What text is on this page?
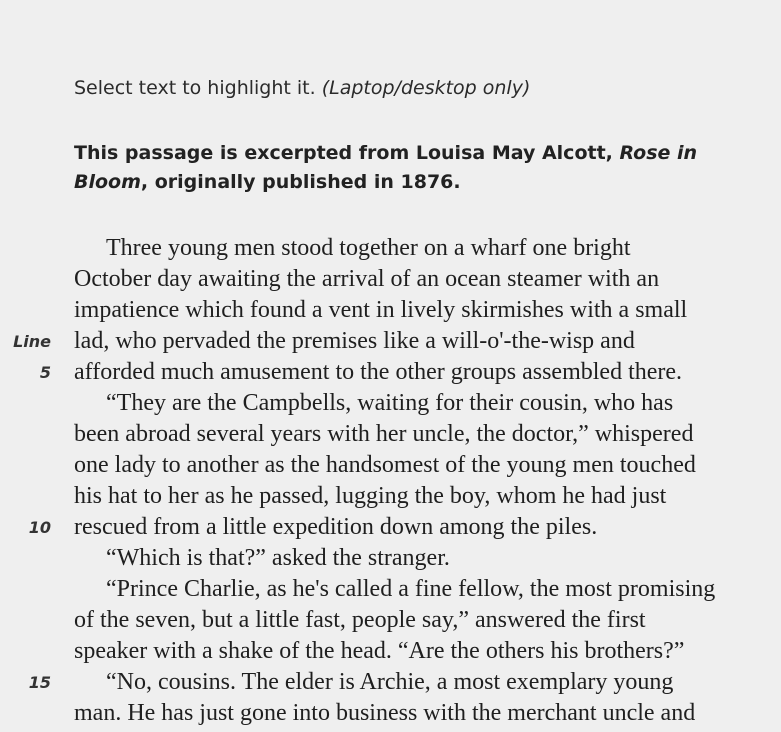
Select text to highlight it. (Laptop/desktop only)
This passage is excerpted from Louisa May Alcott, Rose in Bloom, originally published in 1876.
Three young men stood together on a wharf one bright
October day awaiting the arrival of an ocean steamer with an
impatience which found a vent in lively skirmishes with a small
Line lad, who pervaded the premises like a will-o'-the-wisp and
5 afforded much amusement to the other groups assembled there.
“They are the Campbells, waiting for their cousin, who has
been abroad several years with her uncle, the doctor,” whispered
one lady to another as the handsomest of the young men touched
his hat to her as he passed, lugging the boy, whom he had just
10 rescued from a little expedition down among the piles.
“Which is that?” asked the stranger.
“Prince Charlie, as he's called a fine fellow, the most promising
of the seven, but a little fast, people say,” answered the first
speaker with a shake of the head. “Are the others his brothers?”
15 “No, cousins. The elder is Archie, a most exemplary young
man. He has just gone into business with the merchant uncle and
